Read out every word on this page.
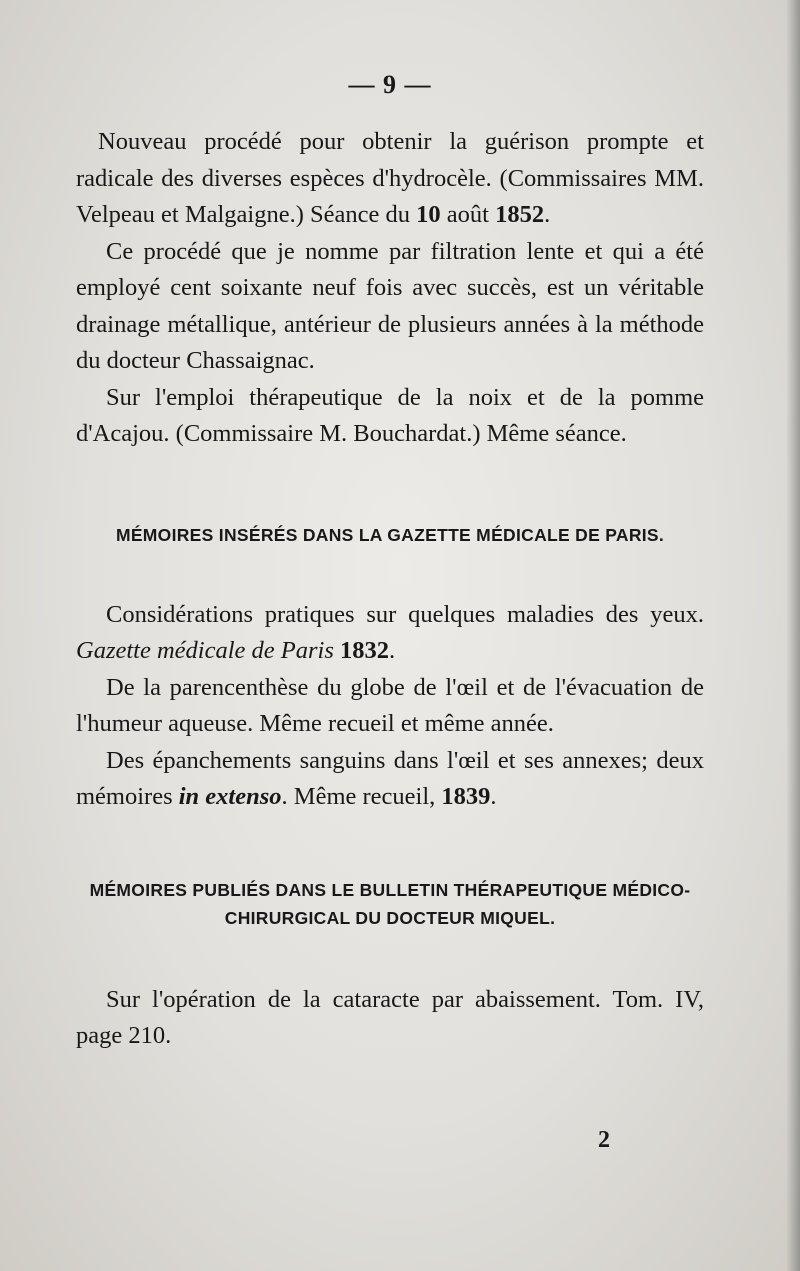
— 9 —

Nouveau procédé pour obtenir la guérison prompte et radicale des diverses espèces d'hydrocèle. (Commissaires MM. Velpeau et Malgaigne.) Séance du 10 août 1852.

Ce procédé que je nomme par filtration lente et qui a été employé cent soixante neuf fois avec succès, est un véritable drainage métallique, antérieur de plusieurs années à la méthode du docteur Chassaignac.

Sur l'emploi thérapeutique de la noix et de la pomme d'Acajou. (Commissaire M. Bouchardat.) Même séance.

MÉMOIRES INSÉRÉS DANS LA GAZETTE MÉDICALE DE PARIS.

Considérations pratiques sur quelques maladies des yeux. Gazette médicale de Paris 1832.

De la parencenthèse du globe de l'œil et de l'évacuation de l'humeur aqueuse. Même recueil et même année.

Des épanchements sanguins dans l'œil et ses annexes; deux mémoires in extenso. Même recueil, 1839.

MÉMOIRES PUBLIÉS DANS LE BULLETIN THÉRAPEUTIQUE MÉDICO-
CHIRURGICAL DU DOCTEUR MIQUEL.

Sur l'opération de la cataracte par abaissement. Tom. IV, page 210.

2
